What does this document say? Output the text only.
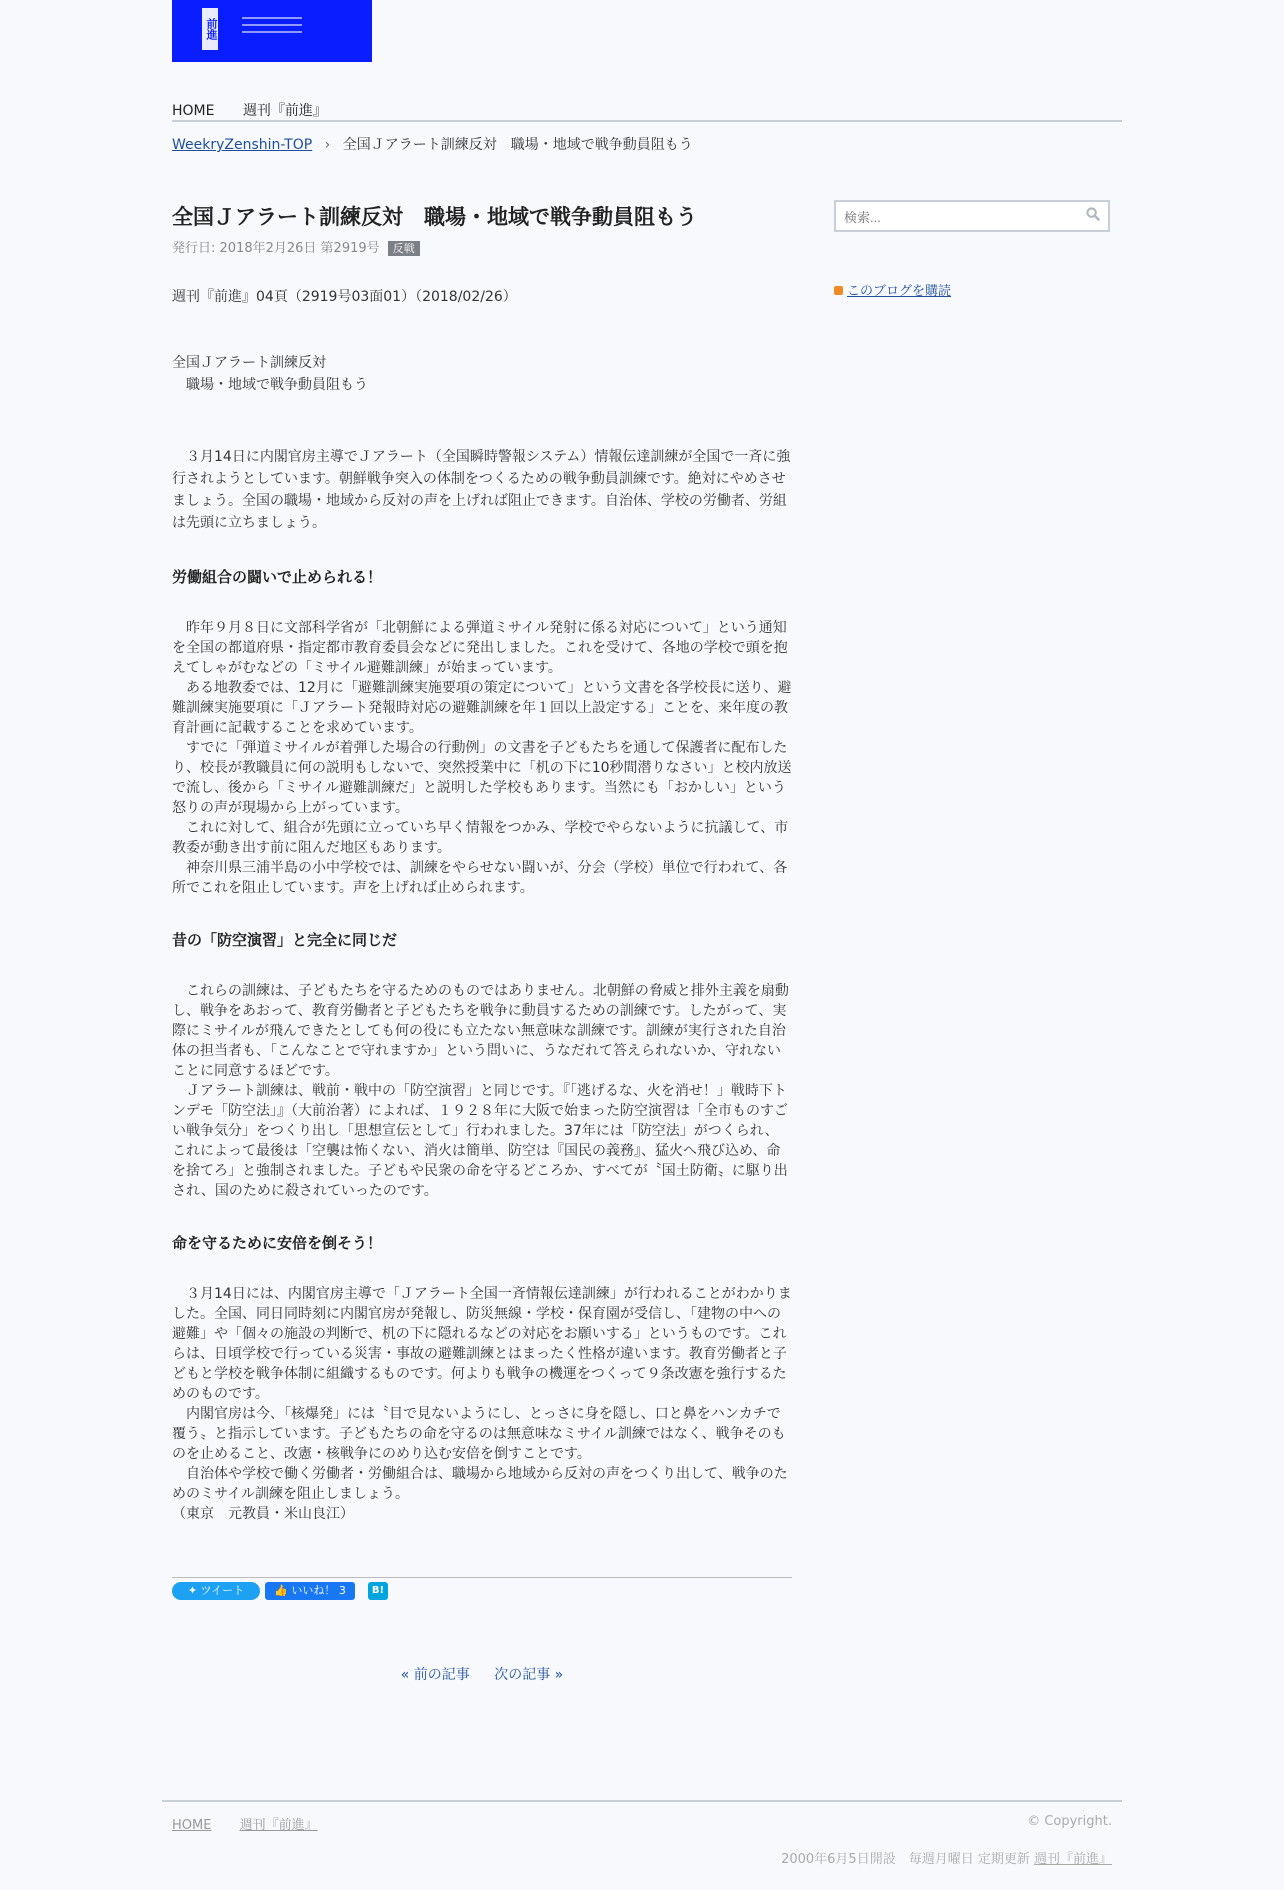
前進
HOME 週刊『前進』
WeekryZenshin-TOP › 全国Ｊアラート訓練反対　職場・地域で戦争動員阻もう
全国Ｊアラート訓練反対　職場・地域で戦争動員阻もう
発行日: 2018年2月26日 第2919号 反戦
週刊『前進』04頁（2919号03面01）（2018/02/26）
全国Ｊアラート訓練反対
　職場・地域で戦争動員阻もう
　３月14日に内閣官房主導でＪアラート（全国瞬時警報システム）情報伝達訓練が全国で一斉に強行されようとしています。朝鮮戦争突入の体制をつくるための戦争動員訓練です。絶対にやめさせましょう。全国の職場・地域から反対の声を上げれば阻止できます。自治体、学校の労働者、労組は先頭に立ちましょう。
労働組合の闘いで止められる！

昨年９月８日に文部科学省が「北朝鮮による弾道ミサイル発射に係る対応について」という通知を全国の都道府県・指定都市教育委員会などに発出しました。これを受けて、各地の学校で頭を抱えてしゃがむなどの「ミサイル避難訓練」が始まっています。

ある地教委では、12月に「避難訓練実施要項の策定について」という文書を各学校長に送り、避難訓練実施要項に「Ｊアラート発報時対応の避難訓練を年１回以上設定する」ことを、来年度の教育計画に記載することを求めています。

すでに「弾道ミサイルが着弾した場合の行動例」の文書を子どもたちを通して保護者に配布したり、校長が教職員に何の説明もしないで、突然授業中に「机の下に10秒間潜りなさい」と校内放送で流し、後から「ミサイル避難訓練だ」と説明した学校もあります。当然にも「おかしい」という怒りの声が現場から上がっています。

これに対して、組合が先頭に立っていち早く情報をつかみ、学校でやらないように抗議して、市教委が動き出す前に阻んだ地区もあります。

神奈川県三浦半島の小中学校では、訓練をやらせない闘いが、分会（学校）単位で行われて、各所でこれを阻止しています。声を上げれば止められます。

昔の「防空演習」と完全に同じだ

これらの訓練は、子どもたちを守るためのものではありません。北朝鮮の脅威と排外主義を扇動し、戦争をあおって、教育労働者と子どもたちを戦争に動員するための訓練です。したがって、実際にミサイルが飛んできたとしても何の役にも立たない無意味な訓練です。訓練が実行された自治体の担当者も、「こんなことで守れますか」という問いに、うなだれて答えられないか、守れないことに同意するほどです。

Ｊアラート訓練は、戦前・戦中の「防空演習」と同じです。『「逃げるな、火を消せ！」戦時下トンデモ「防空法」』（大前治著）によれば、１９２８年に大阪で始まった防空演習は「全市ものすごい戦争気分」をつくり出し「思想宣伝として」行われました。37年には「防空法」がつくられ、これによって最後は「空襲は怖くない、消火は簡単、防空は『国民の義務』、猛火へ飛び込め、命を捨てろ」と強制されました。子どもや民衆の命を守るどころか、すべてが〝国土防衛〟に駆り出され、国のために殺されていったのです。

命を守るために安倍を倒そう！

３月14日には、内閣官房主導で「Ｊアラート全国一斉情報伝達訓練」が行われることがわかりました。全国、同日同時刻に内閣官房が発報し、防災無線・学校・保育園が受信し、「建物の中への避難」や「個々の施設の判断で、机の下に隠れるなどの対応をお願いする」というものです。これらは、日頃学校で行っている災害・事故の避難訓練とはまったく性格が違います。教育労働者と子どもと学校を戦争体制に組織するものです。何よりも戦争の機運をつくって９条改憲を強行するためのものです。

内閣官房は今、「核爆発」には〝目で見ないようにし、とっさに身を隠し、口と鼻をハンカチで覆う〟と指示しています。子どもたちの命を守るのは無意味なミサイル訓練ではなく、戦争そのものを止めること、改憲・核戦争にのめり込む安倍を倒すことです。

自治体や学校で働く労働者・労働組合は、職場から地域から反対の声をつくり出して、戦争のためのミサイル訓練を阻止しましょう。

（東京　元教員・米山良江）
✦ ツイート	👍 いいね！ 3	B!
« 前の記事 次の記事 »
検索...
このブログを購読
HOME 週刊『前進』	© Copyright.
2000年6月5日開設　毎週月曜日 定期更新 週刊『前進』
